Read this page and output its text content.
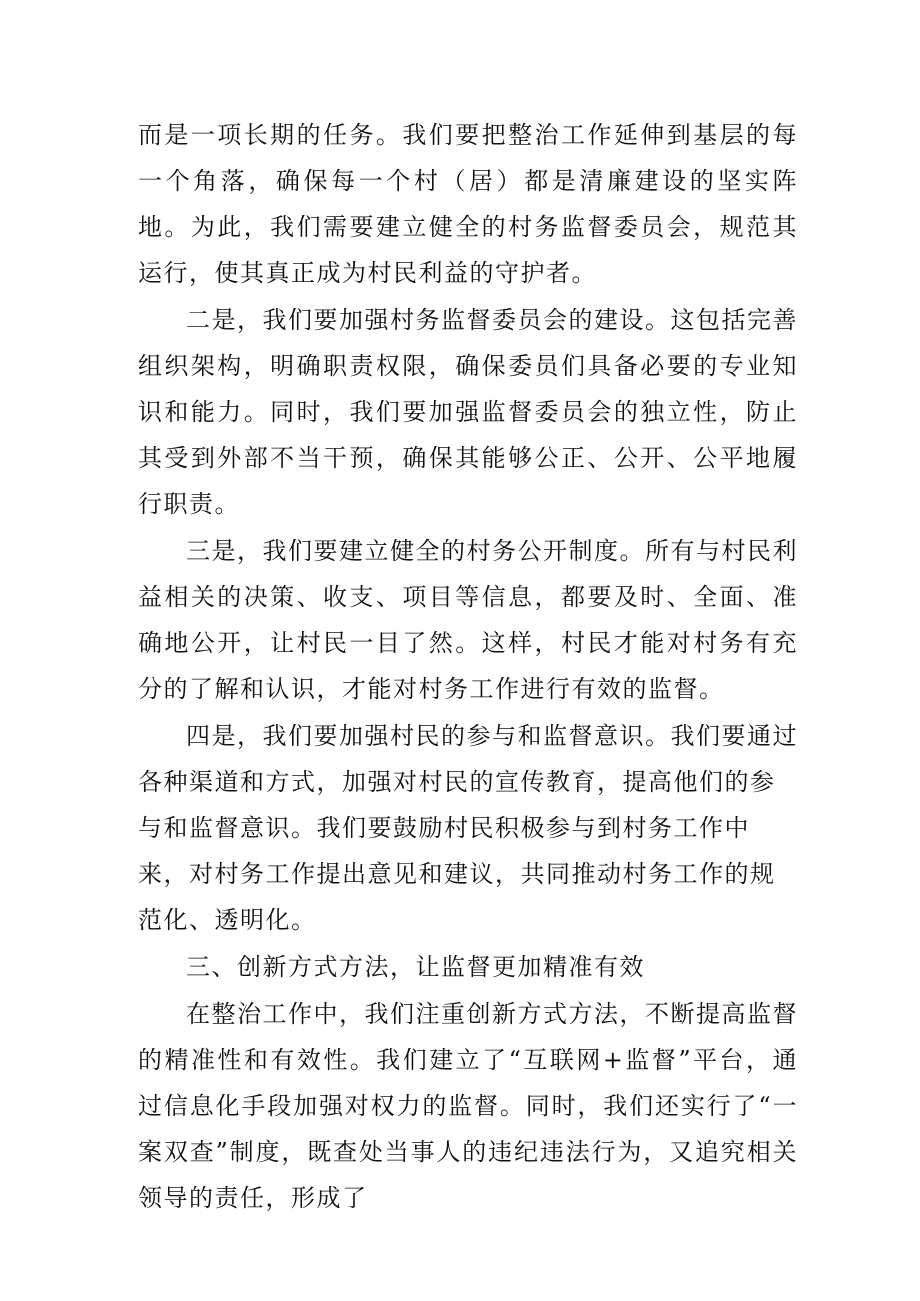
而是一项长期的任务。我们要把整治工作延伸到基层的每一个角落，确保每一个村（居）都是清廉建设的坚实阵地。为此，我们需要建立健全的村务监督委员会，规范其运行，使其真正成为村民利益的守护者。

二是，我们要加强村务监督委员会的建设。这包括完善组织架构，明确职责权限，确保委员们具备必要的专业知识和能力。同时，我们要加强监督委员会的独立性，防止其受到外部不当干预，确保其能够公正、公开、公平地履行职责。

三是，我们要建立健全的村务公开制度。所有与村民利益相关的决策、收支、项目等信息，都要及时、全面、准确地公开，让村民一目了然。这样，村民才能对村务有充分的了解和认识，才能对村务工作进行有效的监督。

四是，我们要加强村民的参与和监督意识。我们要通过各种渠道和方式，加强对村民的宣传教育，提高他们的参与和监督意识。我们要鼓励村民积极参与到村务工作中来，对村务工作提出意见和建议，共同推动村务工作的规
范化、透明化。

三、创新方式方法，让监督更加精准有效

在整治工作中，我们注重创新方式方法，不断提高监督的精准性和有效性。我们建立了“互联网+监督”平台，通过信息化手段加强对权力的监督。同时，我们还实行了“一案双查”制度，既查处当事人的违纪违法行为，又追究相关领导的责任，形成了
